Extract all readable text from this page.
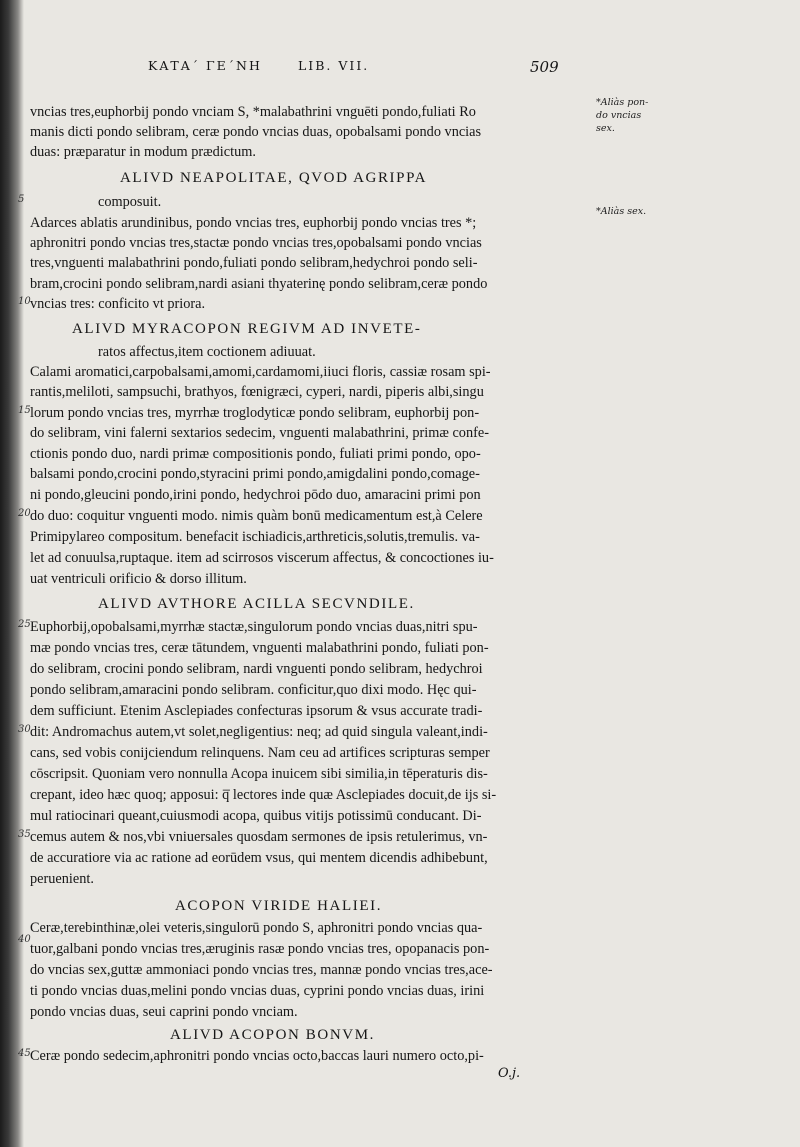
ΚΑΤΑ΄ ΓΕ΄ΝΗ	LIB. VII.	509
*Aliàs pon-
do vncias
sex.
*Aliàs sex.
vncias tres,euphorbij pondo vnciam S, *malabathrini vnguēti pondo,fuliati Ro
manis dicti pondo selibram, ceræ pondo vncias duas, opobalsami pondo vncias
duas: præparatur in modum prædictum.
ALIVD NEAPOLITAE, QVOD AGRIPPA
composuit.
Adarces ablatis arundinibus, pondo vncias tres, euphorbij pondo vncias tres *;
aphronitri pondo vncias tres,stactæ pondo vncias tres,opobalsami pondo vncias
tres,vnguenti malabathrini pondo,fuliati pondo selibram,hedychroi pondo seli-
bram,crocini pondo selibram,nardi asiani thyaterinę pondo selibram,ceræ pondo
vncias tres: conficito vt priora.
ALIVD MYRACOPON REGIVM AD INVETE-
ratos affectus,item coctionem adiuuat.
Calami aromatici,carpobalsami,amomi,cardamomi,iiuci floris, cassiæ rosam spi-
rantis,meliloti, sampsuchi, brathyos, fœnigræci, cyperi, nardi, piperis albi,singu
lorum pondo vncias tres, myrrhæ troglodyticæ pondo selibram, euphorbij pon-
do selibram, vini falerni sextarios sedecim, vnguenti malabathrini, primæ confe-
ctionis pondo duo, nardi primæ compositionis pondo, fuliati primi pondo, opo-
balsami pondo,crocini pondo,styracini primi pondo,amigdalini pondo,comage-
ni pondo,gleucini pondo,irini pondo, hedychroi pōdo duo, amaracini primi pon
do duo: coquitur vnguenti modo. nimis quàm bonū medicamentum est,à Celere
Primipylareo compositum. benefacit ischiadicis,arthreticis,solutis,tremulis. va-
let ad conuulsa,ruptaque. item ad scirrosos viscerum affectus, & concoctiones iu-
uat ventriculi orificio & dorso illitum.
ALIVD AVTHORE ACILLA SECVNDILE.
Euphorbij,opobalsami,myrrhæ stactæ,singulorum pondo vncias duas,nitri spu-
mæ pondo vncias tres, ceræ tātundem, vnguenti malabathrini pondo, fuliati pon-
do selibram, crocini pondo selibram, nardi vnguenti pondo selibram, hedychroi
pondo selibram,amaracini pondo selibram. conficitur,quo dixi modo. Hęc qui-
dem sufficiunt. Etenim Asclepiades confecturas ipsorum & vsus accurate tradi-
dit: Andromachus autem,vt solet,negligentius: neq; ad quid singula valeant,indi-
cans, sed vobis conijciendum relinquens. Nam ceu ad artifices scripturas semper
cōscripsit. Quoniam vero nonnulla Acopa inuicem sibi similia,in tēperaturis dis-
crepant, ideo hæc quoq; apposui: q̅ lectores inde quæ Asclepiades docuit,de ijs si-
mul ratiocinari queant,cuiusmodi acopa, quibus vitijs potissimū conducant. Di-
cemus autem & nos,vbi vniuersales quosdam sermones de ipsis retulerimus, vn-
de accuratiore via ac ratione ad eorūdem vsus, qui mentem dicendis adhibebunt,
peruenient.
ACOPON VIRIDE HALIEI.
Ceræ,terebinthinæ,olei veteris,singulorū pondo S, aphronitri pondo vncias qua-
tuor,galbani pondo vncias tres,æruginis rasæ pondo vncias tres, opopanacis pon-
do vncias sex,guttæ ammoniaci pondo vncias tres, mannæ pondo vncias tres,ace-
ti pondo vncias duas,melini pondo vncias duas, cyprini pondo vncias duas, irini
pondo vncias duas, seui caprini pondo vnciam.
ALIVD ACOPON BONVM.
Ceræ pondo sedecim,aphronitri pondo vncias octo,baccas lauri numero octo,pi-
5
10
15
20
25
30
35
40
45
O.j.
